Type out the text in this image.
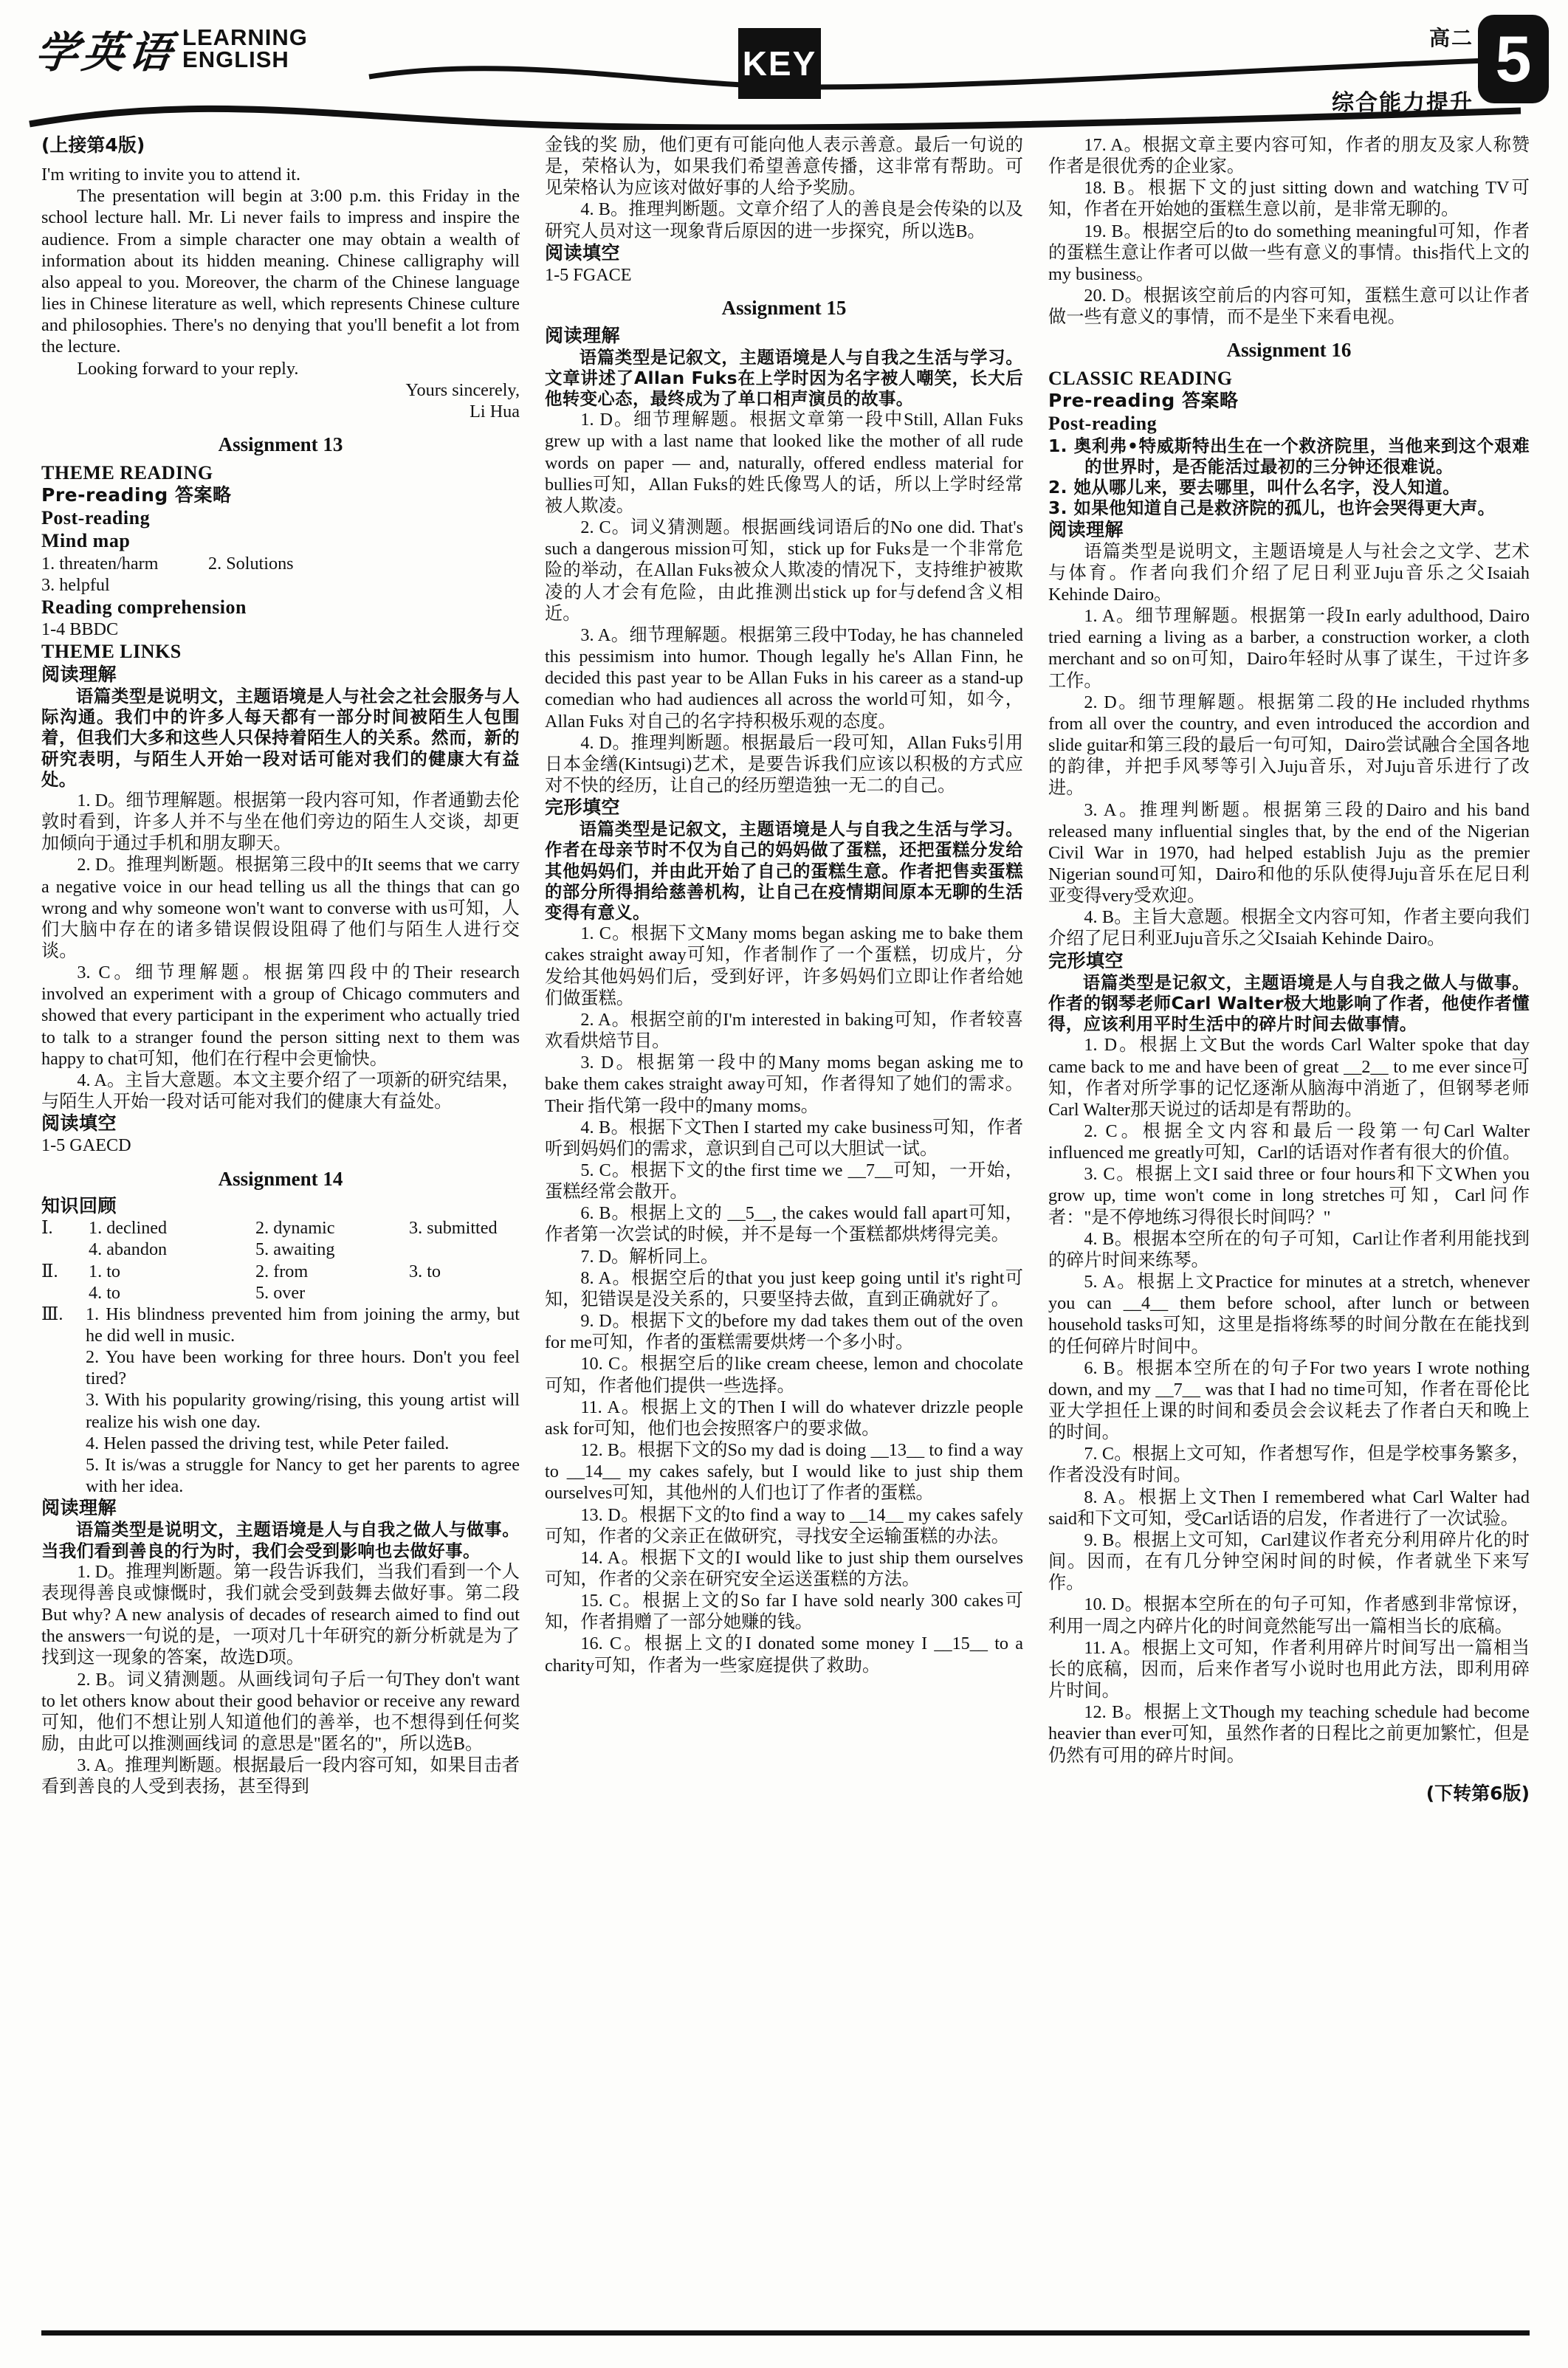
学英语 LEARNING
ENGLISH	KEY
高二
综合能力提升
5

(上接第4版)

I'm writing to invite you to attend it.

The presentation will begin at 3:00 p.m. this Friday in the school lecture hall. Mr. Li never fails to impress and inspire the audience. From a simple character one may obtain a wealth of information about its hidden meaning. Chinese calligraphy will also appeal to you. Moreover, the charm of the Chinese language lies in Chinese literature as well, which represents Chinese culture and philosophies. There's no denying that you'll benefit a lot from the lecture.

Looking forward to your reply.

Yours sincerely,

Li Hua

Assignment 13

THEME READING

Pre-reading 答案略

Post-reading

Mind map

1. threaten/harm	2. Solutions
3. helpful

Reading comprehension

1-4 BBDC

THEME LINKS

阅读理解

语篇类型是说明文，主题语境是人与社会之社会服务与人际沟通。我们中的许多人每天都有一部分时间被陌生人包围着，但我们大多和这些人只保持着陌生人的关系。然而，新的研究表明，与陌生人开始一段对话可能对我们的健康大有益处。

1. D。细节理解题。根据第一段内容可知，作者通勤去伦敦时看到，许多人并不与坐在他们旁边的陌生人交谈，却更加倾向于通过手机和朋友聊天。

2. D。推理判断题。根据第三段中的It seems that we carry a negative voice in our head telling us all the things that can go wrong and why someone won't want to converse with us可知，人们大脑中存在的诸多错误假设阻碍了他们与陌生人进行交谈。

3. C。细节理解题。根据第四段中的Their research involved an experiment with a group of Chicago commuters and showed that every participant in the experiment who actually tried to talk to a stranger found the person sitting next to them was happy to chat可知，他们在行程中会更愉快。

4. A。主旨大意题。本文主要介绍了一项新的研究结果，与陌生人开始一段对话可能对我们的健康大有益处。

阅读填空

1-5 GAECD

Assignment 14

知识回顾

Ⅰ.	1. declined	2. dynamic	3. submitted
4. abandon	5. awaiting
Ⅱ.	1. to	2. from	3. to
4. to	5. over
Ⅲ.	1. His blindness prevented him from joining the army, but he did well in music.
2. You have been working for three hours. Don't you feel tired?
3. With his popularity growing/rising, this young artist will realize his wish one day.
4. Helen passed the driving test, while Peter failed.
5. It is/was a struggle for Nancy to get her parents to agree with her idea.

阅读理解

语篇类型是说明文，主题语境是人与自我之做人与做事。当我们看到善良的行为时，我们会受到影响也去做好事。

1. D。推理判断题。第一段告诉我们，当我们看到一个人表现得善良或慷慨时，我们就会受到鼓舞去做好事。第二段But why? A new analysis of decades of research aimed to find out the answers一句说的是，一项对几十年研究的新分析就是为了找到这一现象的答案，故选D项。

2. B。词义猜测题。从画线词句子后一句They don't want to let others know about their good behavior or receive any reward可知，他们不想让别人知道他们的善举，也不想得到任何奖励，由此可以推测画线词 的意思是"匿名的"，所以选B。

3. A。推理判断题。根据最后一段内容可知，如果目击者看到善良的人受到表扬，甚至得到

金钱的奖 励，他们更有可能向他人表示善意。最后一句说的是，荣格认为，如果我们希望善意传播，这非常有帮助。可见荣格认为应该对做好事的人给予奖励。

4. B。推理判断题。文章介绍了人的善良是会传染的以及研究人员对这一现象背后原因的进一步探究，所以选B。

阅读填空

1-5 FGACE

Assignment 15

阅读理解

语篇类型是记叙文，主题语境是人与自我之生活与学习。文章讲述了Allan Fuks在上学时因为名字被人嘲笑，长大后他转变心态，最终成为了单口相声演员的故事。

1. D。细节理解题。根据文章第一段中Still, Allan Fuks grew up with a last name that looked like the mother of all rude words on paper — and, naturally, offered endless material for bullies可知，Allan Fuks的姓氏像骂人的话，所以上学时经常被人欺凌。

2. C。词义猜测题。根据画线词语后的No one did. That's such a dangerous mission可知，stick up for Fuks是一个非常危险的举动，在Allan Fuks被众人欺凌的情况下，支持维护被欺凌的人才会有危险，由此推测出stick up for与defend含义相近。

3. A。细节理解题。根据第三段中Today, he has channeled this pessimism into humor. Though legally he's Allan Finn, he decided this past year to be Allan Fuks in his career as a stand-up comedian who had audiences all across the world可知，如今，Allan Fuks 对自己的名字持积极乐观的态度。

4. D。推理判断题。根据最后一段可知，Allan Fuks引用日本金缮(Kintsugi)艺术，是要告诉我们应该以积极的方式应对不快的经历，让自己的经历塑造独一无二的自己。

完形填空

语篇类型是记叙文，主题语境是人与自我之生活与学习。作者在母亲节时不仅为自己的妈妈做了蛋糕，还把蛋糕分发给其他妈妈们，并由此开始了自己的蛋糕生意。作者把售卖蛋糕的部分所得捐给慈善机构，让自己在疫情期间原本无聊的生活变得有意义。

1. C。根据下文Many moms began asking me to bake them cakes straight away可知，作者制作了一个蛋糕，切成片，分发给其他妈妈们后，受到好评，许多妈妈们立即让作者给她们做蛋糕。

2. A。根据空前的I'm interested in baking可知，作者较喜欢看烘焙节目。

3. D。根据第一段中的Many moms began asking me to bake them cakes straight away可知，作者得知了她们的需求。Their 指代第一段中的many moms。

4. B。根据下文Then I started my cake business可知，作者听到妈妈们的需求，意识到自己可以大胆试一试。

5. C。根据下文的the first time we __7__可知，一开始，蛋糕经常会散开。

6. B。根据上文的 __5__, the cakes would fall apart可知，作者第一次尝试的时候，并不是每一个蛋糕都烘烤得完美。

7. D。解析同上。

8. A。根据空后的that you just keep going until it's right可知，犯错误是没关系的，只要坚持去做，直到正确就好了。

9. D。根据下文的before my dad takes them out of the oven for me可知，作者的蛋糕需要烘烤一个多小时。

10. C。根据空后的like cream cheese, lemon and chocolate可知，作者他们提供一些选择。

11. A。根据上文的Then I will do whatever drizzle people ask for可知，他们也会按照客户的要求做。

12. B。根据下文的So my dad is doing __13__ to find a way to __14__ my cakes safely, but I would like to just ship them ourselves可知，其他州的人们也订了作者的蛋糕。

13. D。根据下文的to find a way to __14__ my cakes safely可知，作者的父亲正在做研究，寻找安全运输蛋糕的办法。

14. A。根据下文的I would like to just ship them ourselves可知，作者的父亲在研究安全运送蛋糕的方法。

15. C。根据上文的So far I have sold nearly 300 cakes可知，作者捐赠了一部分她赚的钱。

16. C。根据上文的I donated some money I __15__ to a charity可知，作者为一些家庭提供了救助。

17. A。根据文章主要内容可知，作者的朋友及家人称赞作者是很优秀的企业家。

18. B。根据下文的just sitting down and watching TV可知，作者在开始她的蛋糕生意以前，是非常无聊的。

19. B。根据空后的to do something meaningful可知，作者的蛋糕生意让作者可以做一些有意义的事情。this指代上文的my business。

20. D。根据该空前后的内容可知，蛋糕生意可以让作者做一些有意义的事情，而不是坐下来看电视。

Assignment 16

CLASSIC READING

Pre-reading 答案略

Post-reading

1. 奥利弗•特威斯特出生在一个救济院里，当他来到这个艰难的世界时，是否能活过最初的三分钟还很难说。

2. 她从哪儿来，要去哪里，叫什么名字，没人知道。

3. 如果他知道自己是救济院的孤儿，也许会哭得更大声。

阅读理解

语篇类型是说明文，主题语境是人与社会之文学、艺术与体育。作者向我们介绍了尼日利亚Juju音乐之父Isaiah Kehinde Dairo。

1. A。细节理解题。根据第一段In early adulthood, Dairo tried earning a living as a barber, a construction worker, a cloth merchant and so on可知，Dairo年轻时从事了谋生，干过许多工作。

2. D。细节理解题。根据第二段的He included rhythms from all over the country, and even introduced the accordion and slide guitar和第三段的最后一句可知，Dairo尝试融合全国各地的韵律，并把手风琴等引入Juju音乐，对Juju音乐进行了改进。

3. A。推理判断题。根据第三段的Dairo and his band released many influential singles that, by the end of the Nigerian Civil War in 1970, had helped establish Juju as the premier Nigerian sound可知，Dairo和他的乐队使得Juju音乐在尼日利亚变得very受欢迎。

4. B。主旨大意题。根据全文内容可知，作者主要向我们介绍了尼日利亚Juju音乐之父Isaiah Kehinde Dairo。

完形填空

语篇类型是记叙文，主题语境是人与自我之做人与做事。作者的钢琴老师Carl Walter极大地影响了作者，他使作者懂得，应该利用平时生活中的碎片时间去做事情。

1. D。根据上文But the words Carl Walter spoke that day came back to me and have been of great __2__ to me ever since可知，作者对所学事的记忆逐渐从脑海中消逝了，但钢琴老师Carl Walter那天说过的话却是有帮助的。

2. C。根据全文内容和最后一段第一句Carl Walter influenced me greatly可知，Carl的话语对作者有很大的价值。

3. C。根据上文I said three or four hours和下文When you grow up, time won't come in long stretches可知，Carl问作者："是不停地练习得很长时间吗？"

4. B。根据本空所在的句子可知，Carl让作者利用能找到的碎片时间来练琴。

5. A。根据上文Practice for minutes at a stretch, whenever you can __4__ them before school, after lunch or between household tasks可知，这里是指将练琴的时间分散在在能找到的任何碎片时间中。

6. B。根据本空所在的句子For two years I wrote nothing down, and my __7__ was that I had no time可知，作者在哥伦比亚大学担任上课的时间和委员会会议耗去了作者白天和晚上的时间。

7. C。根据上文可知，作者想写作，但是学校事务繁多，作者没没有时间。

8. A。根据上文Then I remembered what Carl Walter had said和下文可知，受Carl话语的启发，作者进行了一次试验。

9. B。根据上文可知，Carl建议作者充分利用碎片化的时间。因而，在有几分钟空闲时间的时候，作者就坐下来写作。

10. D。根据本空所在的句子可知，作者感到非常惊讶，利用一周之内碎片化的时间竟然能写出一篇相当长的底稿。

11. A。根据上文可知，作者利用碎片时间写出一篇相当长的底稿，因而，后来作者写小说时也用此方法，即利用碎片时间。

12. B。根据上文Though my teaching schedule had become heavier than ever可知，虽然作者的日程比之前更加繁忙，但是仍然有可用的碎片时间。

(下转第6版)
